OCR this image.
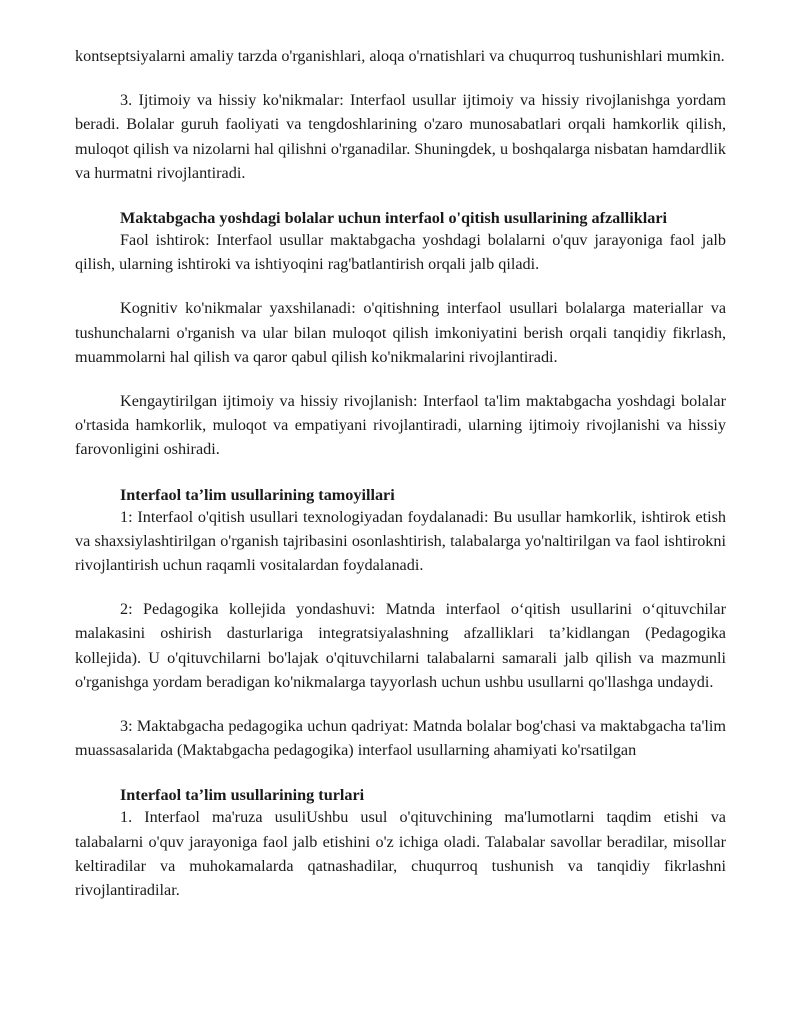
kontseptsiyalarni amaliy tarzda o'rganishlari, aloqa o'rnatishlari va chuqurroq tushunishlari mumkin.

3. Ijtimoiy va hissiy ko'nikmalar: Interfaol usullar ijtimoiy va hissiy rivojlanishga yordam beradi. Bolalar guruh faoliyati va tengdoshlarining o'zaro munosabatlari orqali hamkorlik qilish, muloqot qilish va nizolarni hal qilishni o'rganadilar. Shuningdek, u boshqalarga nisbatan hamdardlik va hurmatni rivojlantiradi.

Maktabgacha yoshdagi bolalar uchun interfaol o'qitish usullarining afzalliklari

Faol ishtirok: Interfaol usullar maktabgacha yoshdagi bolalarni o'quv jarayoniga faol jalb qilish, ularning ishtiroki va ishtiyoqini rag'batlantirish orqali jalb qiladi.

Kognitiv ko'nikmalar yaxshilanadi: o'qitishning interfaol usullari bolalarga materiallar va tushunchalarni o'rganish va ular bilan muloqot qilish imkoniyatini berish orqali tanqidiy fikrlash, muammolarni hal qilish va qaror qabul qilish ko'nikmalarini rivojlantiradi.

Kengaytirilgan ijtimoiy va hissiy rivojlanish: Interfaol ta'lim maktabgacha yoshdagi bolalar o'rtasida hamkorlik, muloqot va empatiyani rivojlantiradi, ularning ijtimoiy rivojlanishi va hissiy farovonligini oshiradi.

Interfaol ta’lim usullarining tamoyillari

1: Interfaol o'qitish usullari texnologiyadan foydalanadi: Bu usullar hamkorlik, ishtirok etish va shaxsiylashtirilgan o'rganish tajribasini osonlashtirish, talabalarga yo'naltirilgan va faol ishtirokni rivojlantirish uchun raqamli vositalardan foydalanadi.

2: Pedagogika kollejida yondashuvi: Matnda interfaol o‘qitish usullarini o‘qituvchilar malakasini oshirish dasturlariga integratsiyalashning afzalliklari ta’kidlangan (Pedagogika kollejida). U o'qituvchilarni bo'lajak o'qituvchilarni talabalarni samarali jalb qilish va mazmunli o'rganishga yordam beradigan ko'nikmalarga tayyorlash uchun ushbu usullarni qo'llashga undaydi.

3: Maktabgacha pedagogika uchun qadriyat: Matnda bolalar bog'chasi va maktabgacha ta'lim muassasalarida (Maktabgacha pedagogika) interfaol usullarning ahamiyati ko'rsatilgan

Interfaol ta’lim usullarining turlari

1. Interfaol ma'ruza usuliUshbu usul o'qituvchining ma'lumotlarni taqdim etishi va talabalarni o'quv jarayoniga faol jalb etishini o'z ichiga oladi. Talabalar savollar beradilar, misollar keltiradilar va muhokamalarda qatnashadilar, chuqurroq tushunish va tanqidiy fikrlashni rivojlantiradilar.
